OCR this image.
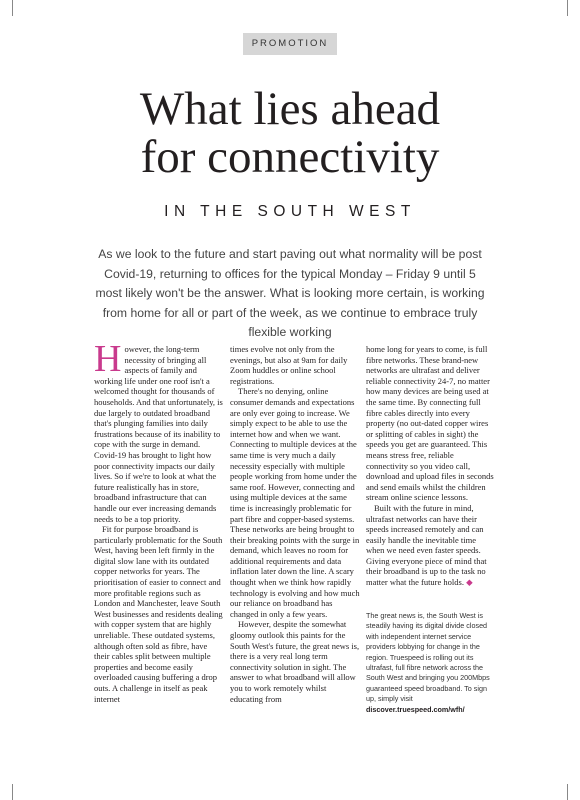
PROMOTION
What lies ahead
for connectivity
IN THE SOUTH WEST
As we look to the future and start paving out what normality will be post Covid-19, returning to offices for the typical Monday – Friday 9 until 5 most likely won't be the answer. What is looking more certain, is working from home for all or part of the week, as we continue to embrace truly flexible working

However, the long-term necessity of bringing all aspects of family and working life under one roof isn't a welcomed thought for thousands of households. And that unfortunately, is due largely to outdated broadband that's plunging families into daily frustrations because of its inability to cope with the surge in demand. Covid-19 has brought to light how poor connectivity impacts our daily lives. So if we're to look at what the future realistically has in store, broadband infrastructure that can handle our ever increasing demands needs to be a top priority.

Fit for purpose broadband is particularly problematic for the South West, having been left firmly in the digital slow lane with its outdated copper networks for years. The prioritisation of easier to connect and more profitable regions such as London and Manchester, leave South West businesses and residents dealing with copper system that are highly unreliable. These outdated systems, although often sold as fibre, have their cables split between multiple properties and become easily overloaded causing buffering a drop outs. A challenge in itself as peak internet

times evolve not only from the evenings, but also at 9am for daily Zoom huddles or online school registrations.

There's no denying, online consumer demands and expectations are only ever going to increase. We simply expect to be able to use the internet how and when we want. Connecting to multiple devices at the same time is very much a daily necessity especially with multiple people working from home under the same roof. However, connecting and using multiple devices at the same time is increasingly problematic for part fibre and copper-based systems. These networks are being brought to their breaking points with the surge in demand, which leaves no room for additional requirements and data inflation later down the line. A scary thought when we think how rapidly technology is evolving and how much our reliance on broadband has changed in only a few years.

However, despite the somewhat gloomy outlook this paints for the South West's future, the great news is, there is a very real long term connectivity solution in sight. The answer to what broadband will allow you to work remotely whilst educating from

home long for years to come, is full fibre networks. These brand-new networks are ultrafast and deliver reliable connectivity 24-7, no matter how many devices are being used at the same time. By connecting full fibre cables directly into every property (no out-dated copper wires or splitting of cables in sight) the speeds you get are guaranteed. This means stress free, reliable connectivity so you video call, download and upload files in seconds and send emails whilst the children stream online science lessons.

Built with the future in mind, ultrafast networks can have their speeds increased remotely and can easily handle the inevitable time when we need even faster speeds. Giving everyone piece of mind that their broadband is up to the task no matter what the future holds. ◆

The great news is, the South West is steadily having its digital divide closed with independent internet service providers lobbying for change in the region. Truespeed is rolling out its ultrafast, full fibre network across the South West and bringing you 200Mbps guaranteed speed broadband. To sign up, simply visit discover.truespeed.com/wfh/
